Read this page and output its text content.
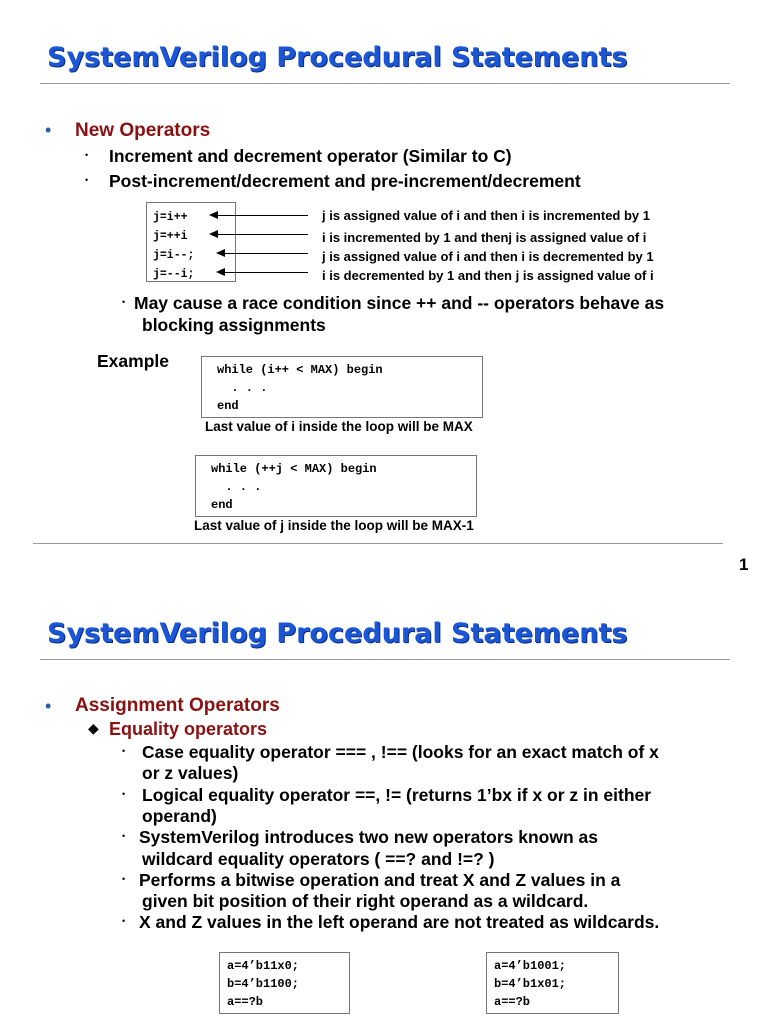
SystemVerilog Procedural Statements
• New Operators
• Increment and decrement operator (Similar to C)
• Post-increment/decrement and pre-increment/decrement
j=i++
j=++i
j=i--;
j=--i;
j is assigned value of i and then i is incremented by 1
i is incremented by 1 and thenj is assigned value of i
j is assigned value of i and then i is decremented by 1
i is decremented by 1 and then j is assigned value of i
• May cause a race condition since ++ and -- operators behave as
blocking assignments
Example	while (i++ < MAX) begin
. . .
end
Last value of i inside the loop will be MAX
while (++j < MAX) begin
. . .
end
Last value of j inside the loop will be MAX-1
1
SystemVerilog Procedural Statements
• Assignment Operators
◆ Equality operators
• Case equality operator === , !== (looks for an exact match of x
or z values)
• Logical equality operator ==, != (returns 1’bx if x or z in either
operand)
• SystemVerilog introduces two new operators known as
wildcard equality operators ( ==? and !=? )
• Performs a bitwise operation and treat X and Z values in a
given bit position of their right operand as a wildcard.
• X and Z values in the left operand are not treated as wildcards.
a=4’b11x0;
b=4’b1100;
a==?b
a=4’b1001;
b=4’b1x01;
a==?b
